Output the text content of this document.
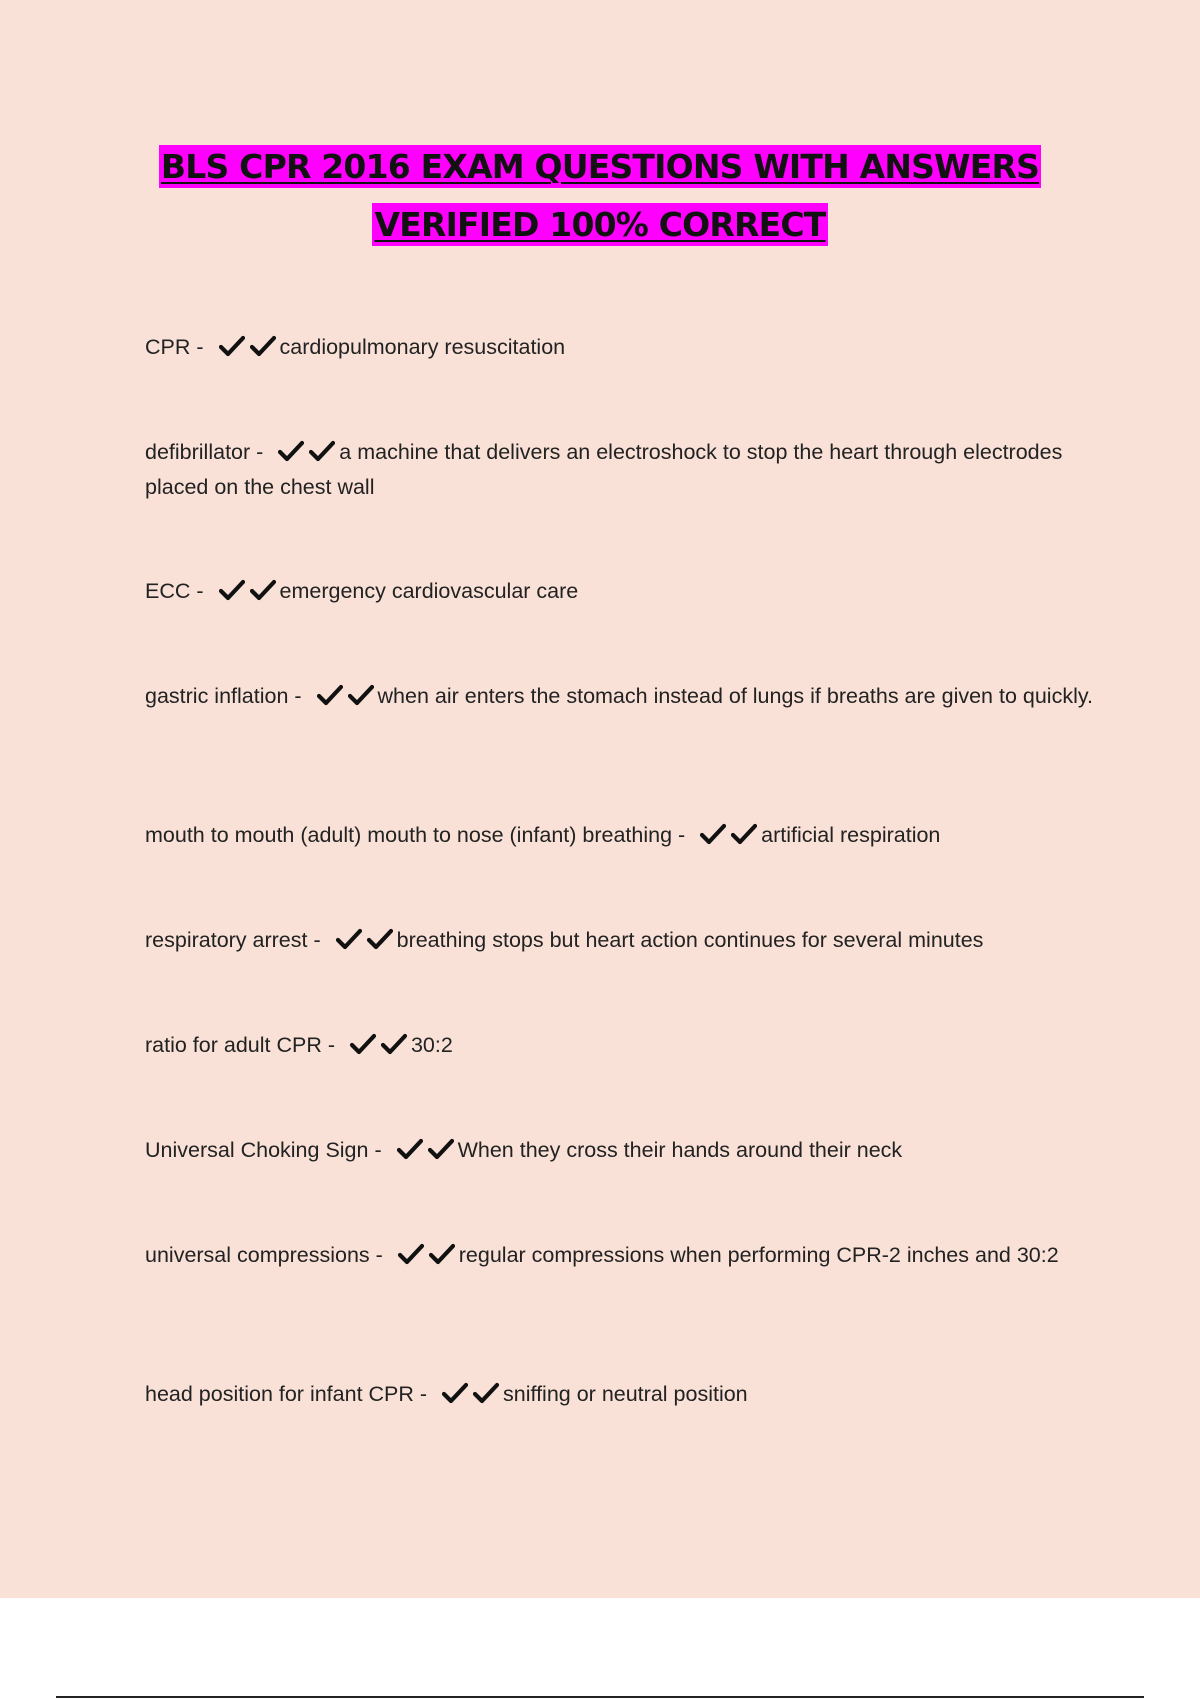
BLS CPR 2016 EXAM QUESTIONS WITH ANSWERS
VERIFIED 100% CORRECT
CPR -	cardiopulmonary resuscitation
defibrillator -	a machine that delivers an electroshock to stop the heart through electrodes placed on the chest wall
ECC -	emergency cardiovascular care
gastric inflation -	when air enters the stomach instead of lungs if breaths are given to quickly.
mouth to mouth (adult) mouth to nose (infant) breathing -	artificial respiration
respiratory arrest -	breathing stops but heart action continues for several minutes
ratio for adult CPR -	30:2
Universal Choking Sign -	When they cross their hands around their neck
universal compressions -	regular compressions when performing CPR-2 inches and 30:2
head position for infant CPR -	sniffing or neutral position
